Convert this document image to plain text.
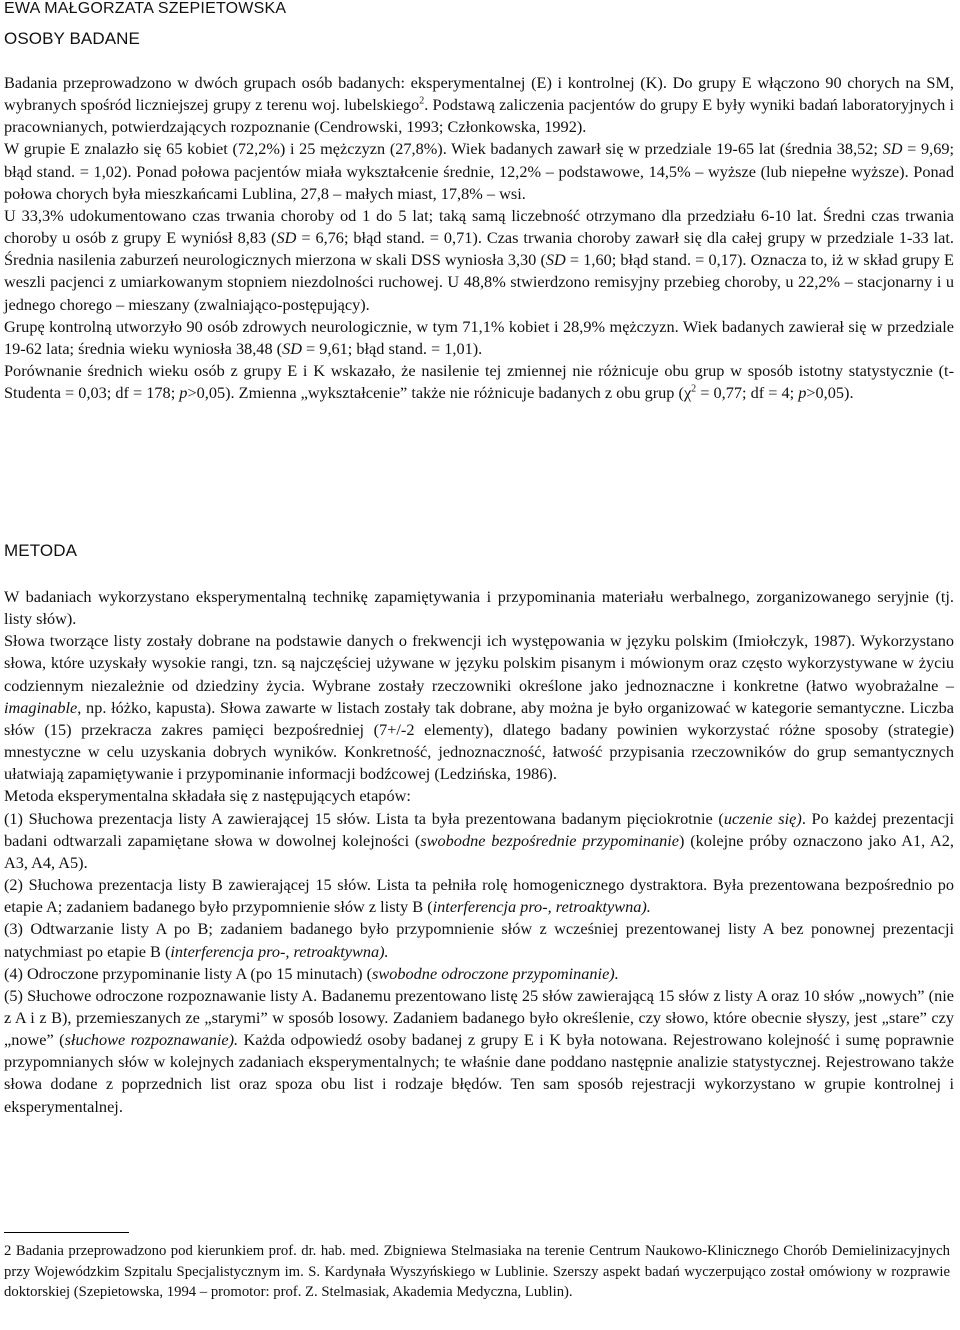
EWA MAŁGORZATA SZEPIETOWSKA
OSOBY BADANE

Badania przeprowadzono w dwóch grupach osób badanych: eksperymentalnej (E) i kontrolnej (K). Do grupy E włączono 90 chorych na SM, wybranych spośród liczniejszej grupy z terenu woj. lubelskiego$^2$. Podstawą zaliczenia pacjentów do grupy E były wyniki badań laboratoryjnych i pracownianych, potwierdzających rozpoznanie (Cendrowski, 1993; Członkowska, 1992).

W grupie E znalazło się 65 kobiet (72,2%) i 25 mężczyzn (27,8%). Wiek badanych zawarł się w przedziale 19-65 lat (średnia 38,52; SD = 9,69; błąd stand. = 1,02). Ponad połowa pacjentów miała wykształcenie średnie, 12,2% – podstawowe, 14,5% – wyższe (lub niepełne wyższe). Ponad połowa chorych była mieszkańcami Lublina, 27,8 – małych miast, 17,8% – wsi.

U 33,3% udokumentowano czas trwania choroby od 1 do 5 lat; taką samą liczebność otrzymano dla przedziału 6-10 lat. Średni czas trwania choroby u osób z grupy E wyniósł 8,83 (SD = 6,76; błąd stand. = 0,71). Czas trwania choroby zawarł się dla całej grupy w przedziale 1-33 lat. Średnia nasilenia zaburzeń neurologicznych mierzona w skali DSS wyniosła 3,30 (SD = 1,60; błąd stand. = 0,17). Oznacza to, iż w skład grupy E weszli pacjenci z umiarkowanym stopniem niezdolności ruchowej. U 48,8% stwierdzono remisyjny przebieg choroby, u 22,2% – stacjonarny i u jednego chorego – mieszany (zwalniająco-postępujący).

Grupę kontrolną utworzyło 90 osób zdrowych neurologicznie, w tym 71,1% kobiet i 28,9% mężczyzn. Wiek badanych zawierał się w przedziale 19-62 lata; średnia wieku wyniosła 38,48 (SD = 9,61; błąd stand. = 1,01).

Porównanie średnich wieku osób z grupy E i K wskazało, że nasilenie tej zmiennej nie różnicuje obu grup w sposób istotny statystycznie (t-Studenta = 0,03; df = 178; p>0,05). Zmienna „wykształcenie” także nie różnicuje badanych z obu grup ($\chi^2 = 0,77$; df = 4; p>0,05).

METODA

W badaniach wykorzystano eksperymentalną technikę zapamiętywania i przypominania materiału werbalnego, zorganizowanego seryjnie (tj. listy słów).

Słowa tworzące listy zostały dobrane na podstawie danych o frekwencji ich występowania w języku polskim (Imiołczyk, 1987). Wykorzystano słowa, które uzyskały wysokie rangi, tzn. są najczęściej używane w języku polskim pisanym i mówionym oraz często wykorzystywane w życiu codziennym niezależnie od dziedziny życia. Wybrane zostały rzeczowniki określone jako jednoznaczne i konkretne (łatwo wyobrażalne – imaginable, np. łóżko, kapusta). Słowa zawarte w listach zostały tak dobrane, aby można je było organizować w kategorie semantyczne. Liczba słów (15) przekracza zakres pamięci bezpośredniej (7+/-2 elementy), dlatego badany powinien wykorzystać różne sposoby (strategie) mnestyczne w celu uzyskania dobrych wyników. Konkretność, jednoznaczność, łatwość przypisania rzeczowników do grup semantycznych ułatwiają zapamiętywanie i przypominanie informacji bodźcowej (Ledzińska, 1986).

Metoda eksperymentalna składała się z następujących etapów:

(1) Słuchowa prezentacja listy A zawierającej 15 słów. Lista ta była prezentowana badanym pięciokrotnie (uczenie się). Po każdej prezentacji badani odtwarzali zapamiętane słowa w dowolnej kolejności (swobodne bezpośrednie przypominanie) (kolejne próby oznaczono jako A1, A2, A3, A4, A5).

(2) Słuchowa prezentacja listy B zawierającej 15 słów. Lista ta pełniła rolę homogenicznego dystraktora. Była prezentowana bezpośrednio po etapie A; zadaniem badanego było przypomnienie słów z listy B (interferencja pro-, retroaktywna).

(3) Odtwarzanie listy A po B; zadaniem badanego było przypomnienie słów z wcześniej prezentowanej listy A bez ponownej prezentacji natychmiast po etapie B (interferencja pro-, retroaktywna).

(4) Odroczone przypominanie listy A (po 15 minutach) (swobodne odroczone przypominanie).

(5) Słuchowe odroczone rozpoznawanie listy A. Badanemu prezentowano listę 25 słów zawierającą 15 słów z listy A oraz 10 słów „nowych” (nie z A i z B), przemieszanych ze „starymi” w sposób losowy. Zadaniem badanego było określenie, czy słowo, które obecnie słyszy, jest „stare” czy „nowe” (słuchowe rozpoznawanie). Każda odpowiedź osoby badanej z grupy E i K była notowana. Rejestrowano kolejność i sumę poprawnie przypomnianych słów w kolejnych zadaniach eksperymentalnych; te właśnie dane poddano następnie analizie statystycznej. Rejestrowano także słowa dodane z poprzednich list oraz spoza obu list i rodzaje błędów. Ten sam sposób rejestracji wykorzystano w grupie kontrolnej i eksperymentalnej.

2 Badania przeprowadzono pod kierunkiem prof. dr. hab. med. Zbigniewa Stelmasiaka na terenie Centrum Naukowo-Klinicznego Chorób Demielinizacyjnych przy Wojewódzkim Szpitalu Specjalistycznym im. S. Kardynała Wyszyńskiego w Lublinie. Szerszy aspekt badań wyczerpująco został omówiony w rozprawie doktorskiej (Szepietowska, 1994 – promotor: prof. Z. Stelmasiak, Akademia Medyczna, Lublin).
